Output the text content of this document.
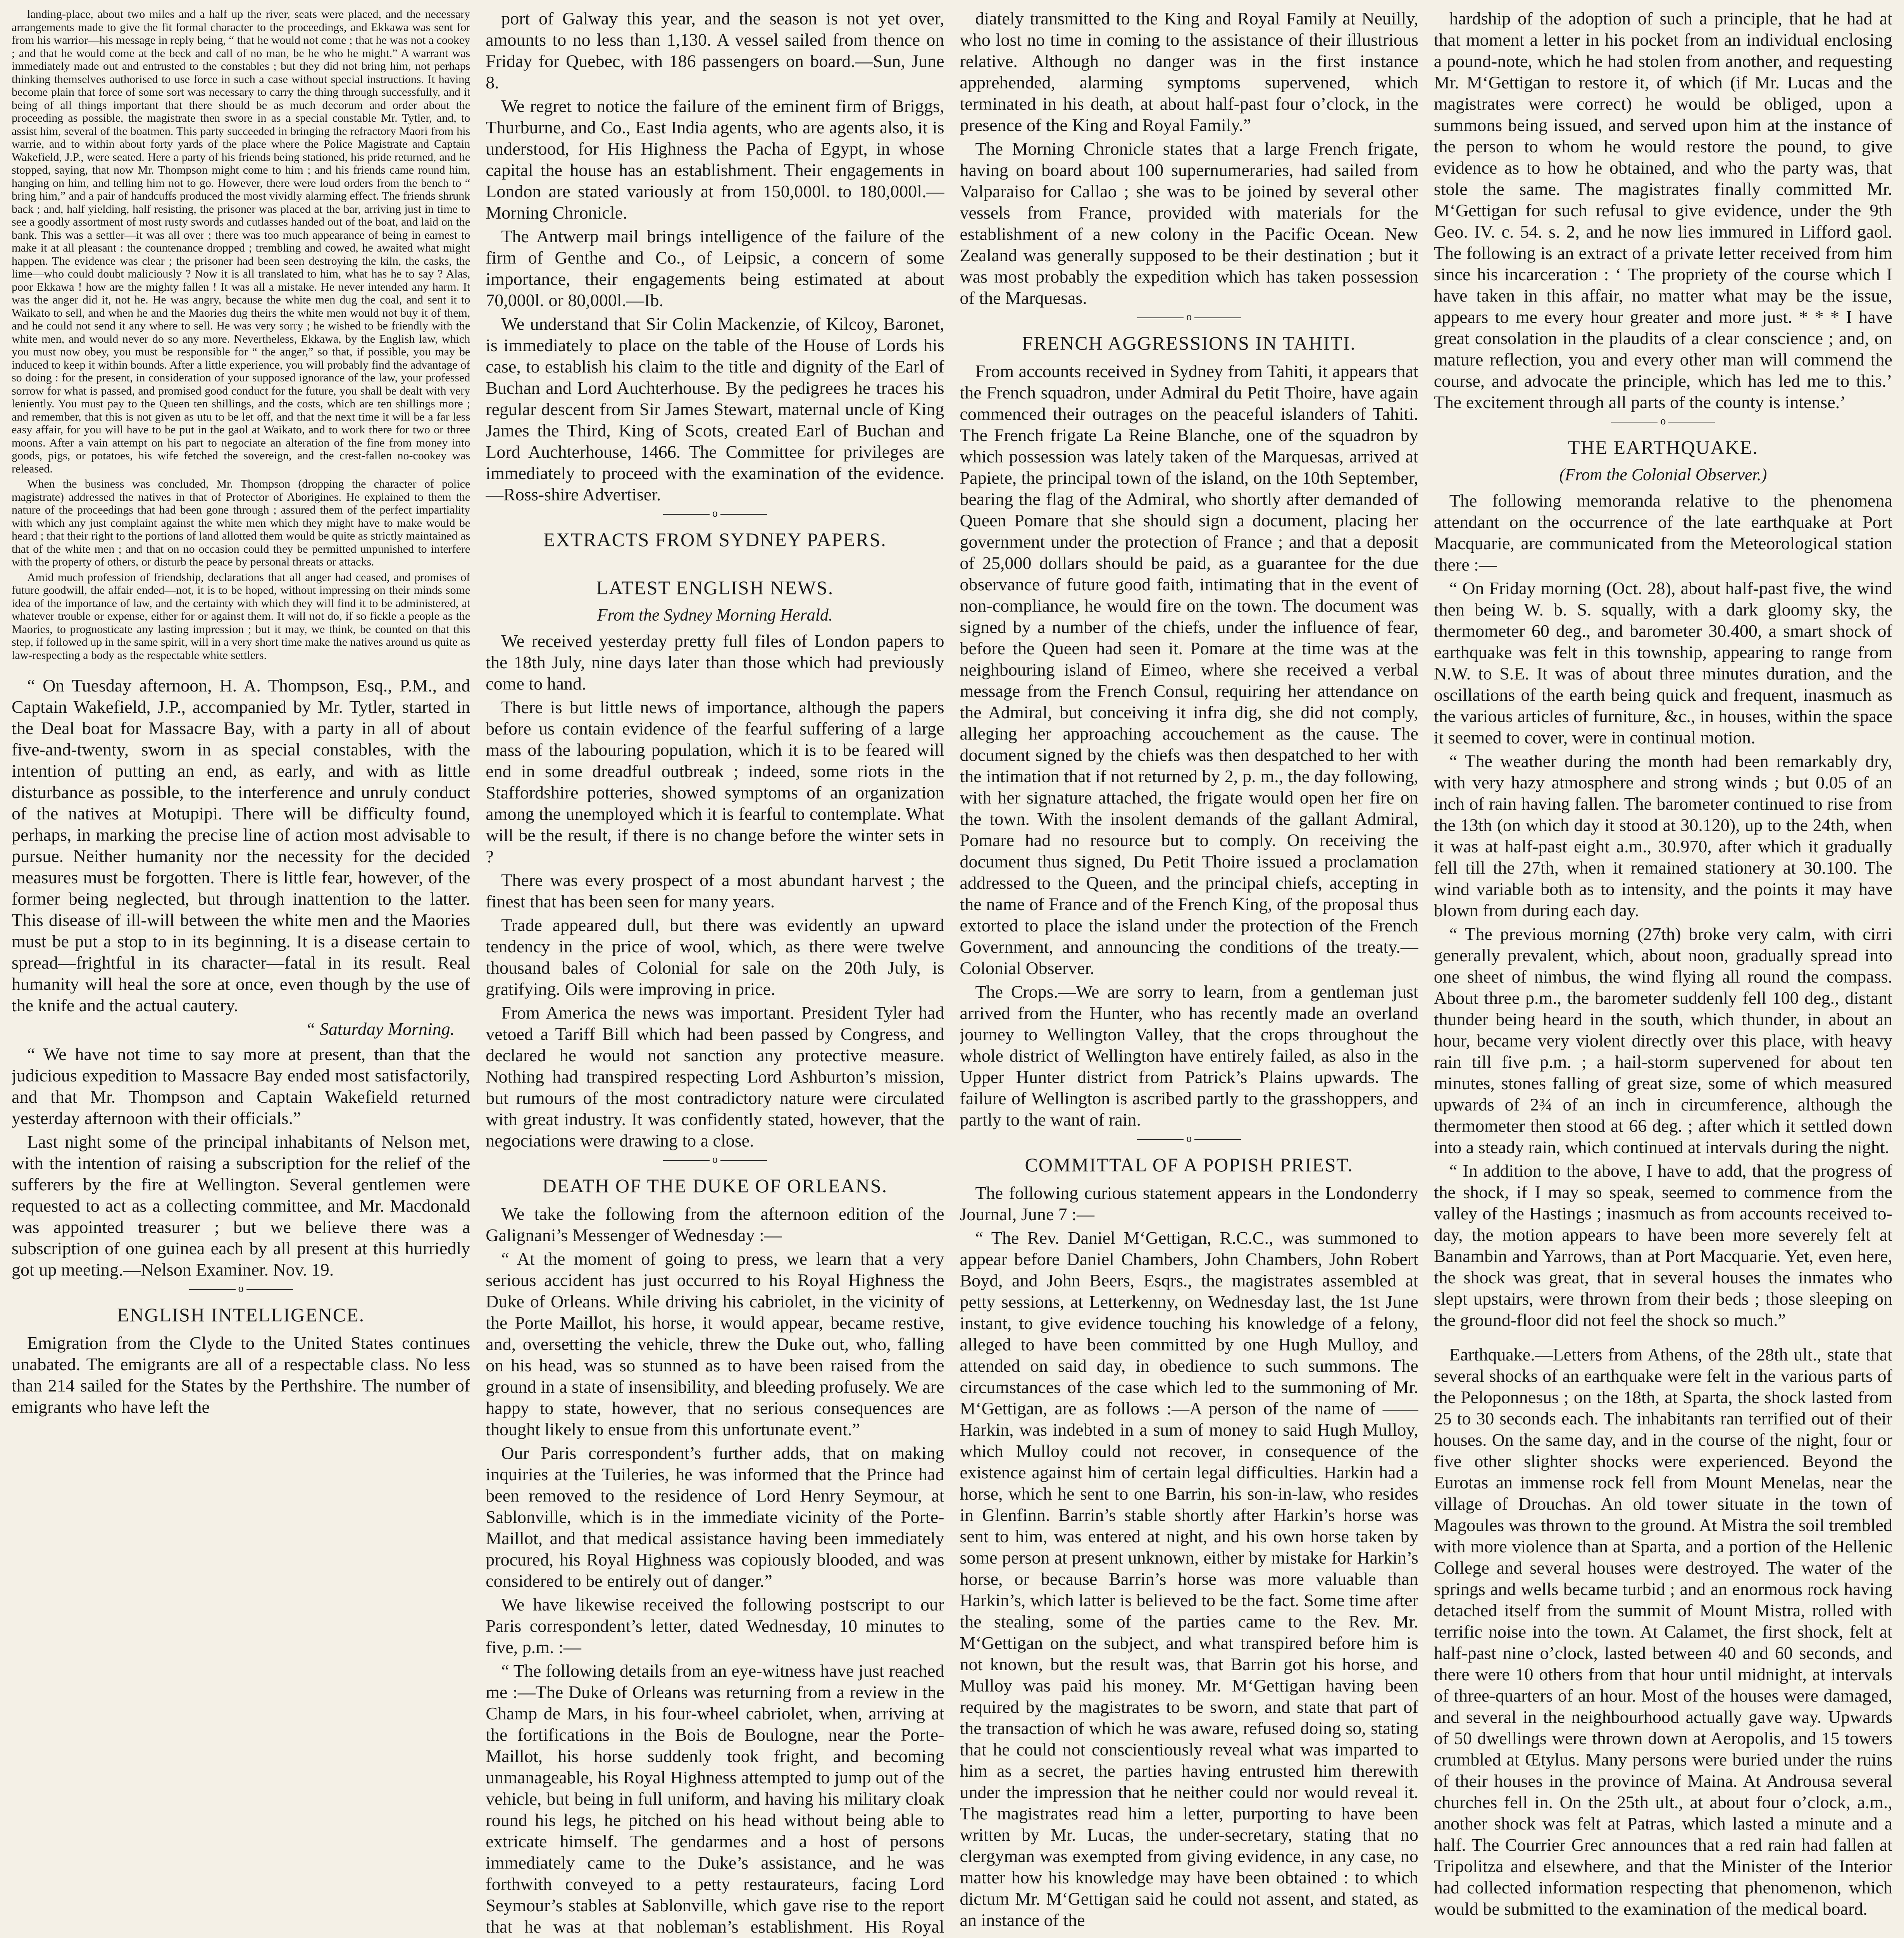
landing-place, about two miles and a half up the river, seats were placed, and the necessary arrangements made to give the fit formal character to the proceedings, and Ekkawa was sent for from his warrior—his message in reply being, “ that he would not come ; that he was not a cookey ; and that he would come at the beck and call of no man, be he who he might.” A warrant was immediately made out and entrusted to the constables ; but they did not bring him, not perhaps thinking themselves authorised to use force in such a case without special instructions. It having become plain that force of some sort was necessary to carry the thing through successfully, and it being of all things important that there should be as much decorum and order about the proceeding as possible, the magistrate then swore in as a special constable Mr. Tytler, and, to assist him, several of the boatmen. This party succeeded in bringing the refractory Maori from his warrie, and to within about forty yards of the place where the Police Magistrate and Captain Wakefield, J.P., were seated. Here a party of his friends being stationed, his pride returned, and he stopped, saying, that now Mr. Thompson might come to him ; and his friends came round him, hanging on him, and telling him not to go. However, there were loud orders from the bench to “ bring him,” and a pair of handcuffs produced the most vividly alarming effect. The friends shrunk back ; and, half yielding, half resisting, the prisoner was placed at the bar, arriving just in time to see a goodly assortment of most rusty swords and cutlasses handed out of the boat, and laid on the bank. This was a settler—it was all over ; there was too much appearance of being in earnest to make it at all pleasant : the countenance dropped ; trembling and cowed, he awaited what might happen. The evidence was clear ; the prisoner had been seen destroying the kiln, the casks, the lime—who could doubt maliciously ? Now it is all translated to him, what has he to say ? Alas, poor Ekkawa ! how are the mighty fallen ! It was all a mistake. He never intended any harm. It was the anger did it, not he. He was angry, because the white men dug the coal, and sent it to Waikato to sell, and when he and the Maories dug theirs the white men would not buy it of them, and he could not send it any where to sell. He was very sorry ; he wished to be friendly with the white men, and would never do so any more. Nevertheless, Ekkawa, by the English law, which you must now obey, you must be responsible for “ the anger,” so that, if possible, you may be induced to keep it within bounds. After a little experience, you will probably find the advantage of so doing : for the present, in consideration of your supposed ignorance of the law, your professed sorrow for what is passed, and promised good conduct for the future, you shall be dealt with very leniently. You must pay to the Queen ten shillings, and the costs, which are ten shillings more ; and remember, that this is not given as utu to be let off, and that the next time it will be a far less easy affair, for you will have to be put in the gaol at Waikato, and to work there for two or three moons. After a vain attempt on his part to negociate an alteration of the fine from money into goods, pigs, or potatoes, his wife fetched the sovereign, and the crest-fallen no-cookey was released.

When the business was concluded, Mr. Thompson (dropping the character of police magistrate) addressed the natives in that of Protector of Aborigines. He explained to them the nature of the proceedings that had been gone through ; assured them of the perfect impartiality with which any just complaint against the white men which they might have to make would be heard ; that their right to the portions of land allotted them would be quite as strictly maintained as that of the white men ; and that on no occasion could they be permitted unpunished to interfere with the property of others, or disturb the peace by personal threats or attacks.

Amid much profession of friendship, declarations that all anger had ceased, and promises of future goodwill, the affair ended—not, it is to be hoped, without impressing on their minds some idea of the importance of law, and the certainty with which they will find it to be administered, at whatever trouble or expense, either for or against them. It will not do, if so fickle a people as the Maories, to prognosticate any lasting impression ; but it may, we think, be counted on that this step, if followed up in the same spirit, will in a very short time make the natives around us quite as law-respecting a body as the respectable white settlers.

“ On Tuesday afternoon, H. A. Thompson, Esq., P.M., and Captain Wakefield, J.P., accompanied by Mr. Tytler, started in the Deal boat for Massacre Bay, with a party in all of about five-and-twenty, sworn in as special constables, with the intention of putting an end, as early, and with as little disturbance as possible, to the interference and unruly conduct of the natives at Motupipi. There will be difficulty found, perhaps, in marking the precise line of action most advisable to pursue. Neither humanity nor the necessity for the decided measures must be forgotten. There is little fear, however, of the former being neglected, but through inattention to the latter. This disease of ill-will between the white men and the Maories must be put a stop to in its beginning. It is a disease certain to spread—frightful in its character—fatal in its result. Real humanity will heal the sore at once, even though by the use of the knife and the actual cautery.

“ Saturday Morning.

“ We have not time to say more at present, than that the judicious expedition to Massacre Bay ended most satisfactorily, and that Mr. Thompson and Captain Wakefield returned yesterday afternoon with their officials.”

Last night some of the principal inhabitants of Nelson met, with the intention of raising a subscription for the relief of the sufferers by the fire at Wellington. Several gentlemen were requested to act as a collecting committee, and Mr. Macdonald was appointed treasurer ; but we believe there was a subscription of one guinea each by all present at this hurriedly got up meeting.—Nelson Examiner. Nov. 19.

o
ENGLISH INTELLIGENCE.

Emigration from the Clyde to the United States continues unabated. The emigrants are all of a respectable class. No less than 214 sailed for the States by the Perthshire. The number of emigrants who have left the

port of Galway this year, and the season is not yet over, amounts to no less than 1,130. A vessel sailed from thence on Friday for Quebec, with 186 passengers on board.—Sun, June 8.

We regret to notice the failure of the eminent firm of Briggs, Thurburne, and Co., East India agents, who are agents also, it is understood, for His Highness the Pacha of Egypt, in whose capital the house has an establishment. Their engagements in London are stated variously at from 150,000l. to 180,000l.—Morning Chronicle.

The Antwerp mail brings intelligence of the failure of the firm of Genthe and Co., of Leipsic, a concern of some importance, their engagements being estimated at about 70,000l. or 80,000l.—Ib.

We understand that Sir Colin Mackenzie, of Kilcoy, Baronet, is immediately to place on the table of the House of Lords his case, to establish his claim to the title and dignity of the Earl of Buchan and Lord Auchterhouse. By the pedigrees he traces his regular descent from Sir James Stewart, maternal uncle of King James the Third, King of Scots, created Earl of Buchan and Lord Auchterhouse, 1466. The Committee for privileges are immediately to proceed with the examination of the evidence.—Ross-shire Advertiser.

o
EXTRACTS FROM SYDNEY PAPERS.
LATEST ENGLISH NEWS.
From the Sydney Morning Herald.

We received yesterday pretty full files of London papers to the 18th July, nine days later than those which had previously come to hand.

There is but little news of importance, although the papers before us contain evidence of the fearful suffering of a large mass of the labouring population, which it is to be feared will end in some dreadful outbreak ; indeed, some riots in the Staffordshire potteries, showed symptoms of an organization among the unemployed which it is fearful to contemplate. What will be the result, if there is no change before the winter sets in ?

There was every prospect of a most abundant harvest ; the finest that has been seen for many years.

Trade appeared dull, but there was evidently an upward tendency in the price of wool, which, as there were twelve thousand bales of Colonial for sale on the 20th July, is gratifying. Oils were improving in price.

From America the news was important. President Tyler had vetoed a Tariff Bill which had been passed by Congress, and declared he would not sanction any protective measure. Nothing had transpired respecting Lord Ashburton’s mission, but rumours of the most contradictory nature were circulated with great industry. It was confidently stated, however, that the negociations were drawing to a close.

o
DEATH OF THE DUKE OF ORLEANS.

We take the following from the afternoon edition of the Galignani’s Messenger of Wednesday :—

“ At the moment of going to press, we learn that a very serious accident has just occurred to his Royal Highness the Duke of Orleans. While driving his cabriolet, in the vicinity of the Porte Maillot, his horse, it would appear, became restive, and, oversetting the vehicle, threw the Duke out, who, falling on his head, was so stunned as to have been raised from the ground in a state of insensibility, and bleeding profusely. We are happy to state, however, that no serious consequences are thought likely to ensue from this unfortunate event.”

Our Paris correspondent’s further adds, that on making inquiries at the Tuileries, he was informed that the Prince had been removed to the residence of Lord Henry Seymour, at Sablonville, which is in the immediate vicinity of the Porte-Maillot, and that medical assistance having been immediately procured, his Royal Highness was copiously blooded, and was considered to be entirely out of danger.”

We have likewise received the following postscript to our Paris correspondent’s letter, dated Wednesday, 10 minutes to five, p.m. :—

“ The following details from an eye-witness have just reached me :—The Duke of Orleans was returning from a review in the Champ de Mars, in his four-wheel cabriolet, when, arriving at the fortifications in the Bois de Boulogne, near the Porte-Maillot, his horse suddenly took fright, and becoming unmanageable, his Royal Highness attempted to jump out of the vehicle, but being in full uniform, and having his military cloak round his legs, he pitched on his head without being able to extricate himself. The gendarmes and a host of persons immediately came to the Duke’s assistance, and he was forthwith conveyed to a petty restaurateurs, facing Lord Seymour’s stables at Sablonville, which gave rise to the report that he was at that nobleman’s establishment. His Royal

diately transmitted to the King and Royal Family at Neuilly, who lost no time in coming to the assistance of their illustrious relative. Although no danger was in the first instance apprehended, alarming symptoms supervened, which terminated in his death, at about half-past four o’clock, in the presence of the King and Royal Family.”

The Morning Chronicle states that a large French frigate, having on board about 100 supernumeraries, had sailed from Valparaiso for Callao ; she was to be joined by several other vessels from France, provided with materials for the establishment of a new colony in the Pacific Ocean. New Zealand was generally supposed to be their destination ; but it was most probably the expedition which has taken possession of the Marquesas.

o
FRENCH AGGRESSIONS IN TAHITI.

From accounts received in Sydney from Tahiti, it appears that the French squadron, under Admiral du Petit Thoire, have again commenced their outrages on the peaceful islanders of Tahiti. The French frigate La Reine Blanche, one of the squadron by which possession was lately taken of the Marquesas, arrived at Papiete, the principal town of the island, on the 10th September, bearing the flag of the Admiral, who shortly after demanded of Queen Pomare that she should sign a document, placing her government under the protection of France ; and that a deposit of 25,000 dollars should be paid, as a guarantee for the due observance of future good faith, intimating that in the event of non-compliance, he would fire on the town. The document was signed by a number of the chiefs, under the influence of fear, before the Queen had seen it. Pomare at the time was at the neighbouring island of Eimeo, where she received a verbal message from the French Consul, requiring her attendance on the Admiral, but conceiving it infra dig, she did not comply, alleging her approaching accouchement as the cause. The document signed by the chiefs was then despatched to her with the intimation that if not returned by 2, p. m., the day following, with her signature attached, the frigate would open her fire on the town. With the insolent demands of the gallant Admiral, Pomare had no resource but to comply. On receiving the document thus signed, Du Petit Thoire issued a proclamation addressed to the Queen, and the principal chiefs, accepting in the name of France and of the French King, of the proposal thus extorted to place the island under the protection of the French Government, and announcing the conditions of the treaty.—Colonial Observer.

The Crops.—We are sorry to learn, from a gentleman just arrived from the Hunter, who has recently made an overland journey to Wellington Valley, that the crops throughout the whole district of Wellington have entirely failed, as also in the Upper Hunter district from Patrick’s Plains upwards. The failure of Wellington is ascribed partly to the grasshoppers, and partly to the want of rain.

o
COMMITTAL OF A POPISH PRIEST.

The following curious statement appears in the Londonderry Journal, June 7 :—

“ The Rev. Daniel M‘Gettigan, R.C.C., was summoned to appear before Daniel Chambers, John Chambers, John Robert Boyd, and John Beers, Esqrs., the magistrates assembled at petty sessions, at Letterkenny, on Wednesday last, the 1st June instant, to give evidence touching his knowledge of a felony, alleged to have been committed by one Hugh Mulloy, and attended on said day, in obedience to such summons. The circumstances of the case which led to the summoning of Mr. M‘Gettigan, are as follows :—A person of the name of —— Harkin, was indebted in a sum of money to said Hugh Mulloy, which Mulloy could not recover, in consequence of the existence against him of certain legal difficulties. Harkin had a horse, which he sent to one Barrin, his son-in-law, who resides in Glenfinn. Barrin’s stable shortly after Harkin’s horse was sent to him, was entered at night, and his own horse taken by some person at present unknown, either by mistake for Harkin’s horse, or because Barrin’s horse was more valuable than Harkin’s, which latter is believed to be the fact. Some time after the stealing, some of the parties came to the Rev. Mr. M‘Gettigan on the subject, and what transpired before him is not known, but the result was, that Barrin got his horse, and Mulloy was paid his money. Mr. M‘Gettigan having been required by the magistrates to be sworn, and state that part of the transaction of which he was aware, refused doing so, stating that he could not conscientiously reveal what was imparted to him as a secret, the parties having entrusted him therewith under the impression that he neither could nor would reveal it. The magistrates read him a letter, purporting to have been written by Mr. Lucas, the under-secretary, stating that no clergyman was exempted from giving evidence, in any case, no matter how his knowledge may have been obtained : to which dictum Mr. M‘Gettigan said he could not assent, and stated, as an instance of the

hardship of the adoption of such a principle, that he had at that moment a letter in his pocket from an individual enclosing a pound-note, which he had stolen from another, and requesting Mr. M‘Gettigan to restore it, of which (if Mr. Lucas and the magistrates were correct) he would be obliged, upon a summons being issued, and served upon him at the instance of the person to whom he would restore the pound, to give evidence as to how he obtained, and who the party was, that stole the same. The magistrates finally committed Mr. M‘Gettigan for such refusal to give evidence, under the 9th Geo. IV. c. 54. s. 2, and he now lies immured in Lifford gaol. The following is an extract of a private letter received from him since his incarceration : ‘ The propriety of the course which I have taken in this affair, no matter what may be the issue, appears to me every hour greater and more just. * * * I have great consolation in the plaudits of a clear conscience ; and, on mature reflection, you and every other man will commend the course, and advocate the principle, which has led me to this.’ The excitement through all parts of the county is intense.’

o
THE EARTHQUAKE.
(From the Colonial Observer.)

The following memoranda relative to the phenomena attendant on the occurrence of the late earthquake at Port Macquarie, are communicated from the Meteorological station there :—

“ On Friday morning (Oct. 28), about half-past five, the wind then being W. b. S. squally, with a dark gloomy sky, the thermometer 60 deg., and barometer 30.400, a smart shock of earthquake was felt in this township, appearing to range from N.W. to S.E. It was of about three minutes duration, and the oscillations of the earth being quick and frequent, inasmuch as the various articles of furniture, &c., in houses, within the space it seemed to cover, were in continual motion.

“ The weather during the month had been remarkably dry, with very hazy atmosphere and strong winds ; but 0.05 of an inch of rain having fallen. The barometer continued to rise from the 13th (on which day it stood at 30.120), up to the 24th, when it was at half-past eight a.m., 30.970, after which it gradually fell till the 27th, when it remained stationery at 30.100. The wind variable both as to intensity, and the points it may have blown from during each day.

“ The previous morning (27th) broke very calm, with cirri generally prevalent, which, about noon, gradually spread into one sheet of nimbus, the wind flying all round the compass. About three p.m., the barometer suddenly fell 100 deg., distant thunder being heard in the south, which thunder, in about an hour, became very violent directly over this place, with heavy rain till five p.m. ; a hail-storm supervened for about ten minutes, stones falling of great size, some of which measured upwards of 2¾ of an inch in circumference, although the thermometer then stood at 66 deg. ; after which it settled down into a steady rain, which continued at intervals during the night.

“ In addition to the above, I have to add, that the progress of the shock, if I may so speak, seemed to commence from the valley of the Hastings ; inasmuch as from accounts received to-day, the motion appears to have been more severely felt at Banambin and Yarrows, than at Port Macquarie. Yet, even here, the shock was great, that in several houses the inmates who slept upstairs, were thrown from their beds ; those sleeping on the ground-floor did not feel the shock so much.”

Earthquake.—Letters from Athens, of the 28th ult., state that several shocks of an earthquake were felt in the various parts of the Peloponnesus ; on the 18th, at Sparta, the shock lasted from 25 to 30 seconds each. The inhabitants ran terrified out of their houses. On the same day, and in the course of the night, four or five other slighter shocks were experienced. Beyond the Eurotas an immense rock fell from Mount Menelas, near the village of Drouchas. An old tower situate in the town of Magoules was thrown to the ground. At Mistra the soil trembled with more violence than at Sparta, and a portion of the Hellenic College and several houses were destroyed. The water of the springs and wells became turbid ; and an enormous rock having detached itself from the summit of Mount Mistra, rolled with terrific noise into the town. At Calamet, the first shock, felt at half-past nine o’clock, lasted between 40 and 60 seconds, and there were 10 others from that hour until midnight, at intervals of three-quarters of an hour. Most of the houses were damaged, and several in the neighbourhood actually gave way. Upwards of 50 dwellings were thrown down at Aeropolis, and 15 towers crumbled at Œtylus. Many persons were buried under the ruins of their houses in the province of Maina. At Androusa several churches fell in. On the 25th ult., at about four o’clock, a.m., another shock was felt at Patras, which lasted a minute and a half. The Courrier Grec announces that a red rain had fallen at Tripolitza and elsewhere, and that the Minister of the Interior had collected information respecting that phenomenon, which would be submitted to the examination of the medical board.
